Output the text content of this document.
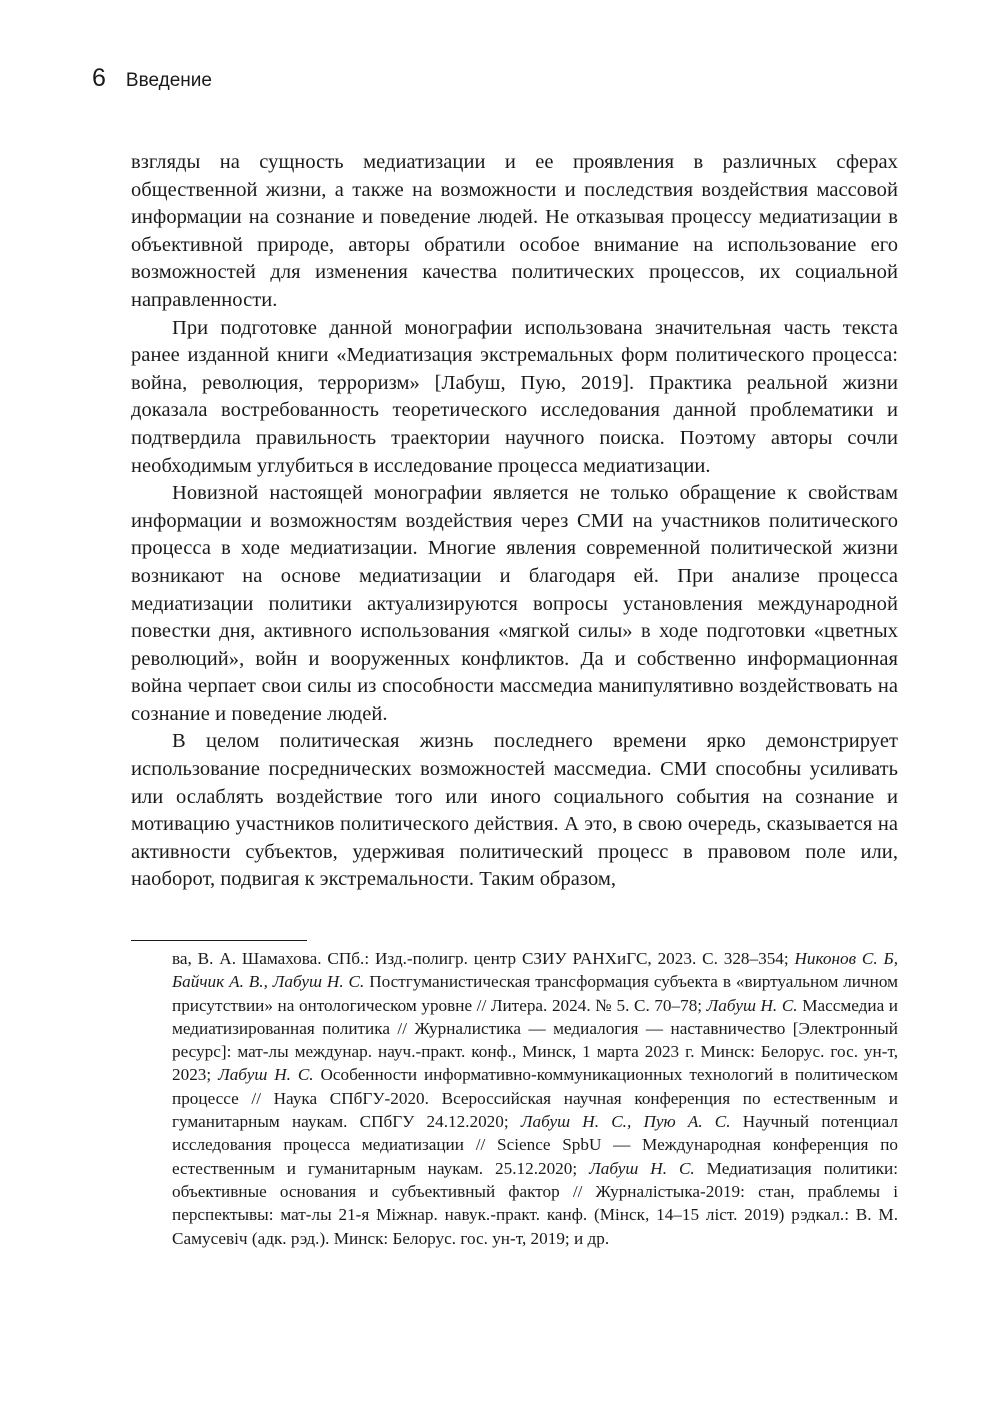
6 Введение

взгляды на сущность медиатизации и ее проявления в различных сферах общественной жизни, а также на возможности и последствия воздействия массовой информации на сознание и поведение людей. Не отказывая процессу медиатизации в объективной природе, авторы обратили особое внимание на использование его возможностей для изменения качества политических процессов, их социальной направленности.

При подготовке данной монографии использована значительная часть текста ранее изданной книги «Медиатизация экстремальных форм политического процесса: война, революция, терроризм» [Лабуш, Пую, 2019]. Практика реальной жизни доказала востребованность теоретического исследования данной проблематики и подтвердила правильность траектории научного поиска. Поэтому авторы сочли необходимым углубиться в исследование процесса медиатизации.

Новизной настоящей монографии является не только обращение к свойствам информации и возможностям воздействия через СМИ на участников политического процесса в ходе медиатизации. Многие явления современной политической жизни возникают на основе медиатизации и благодаря ей. При анализе процесса медиатизации политики актуализируются вопросы установления международной повестки дня, активного использования «мягкой силы» в ходе подготовки «цветных революций», войн и вооруженных конфликтов. Да и собственно информационная война черпает свои силы из способности массмедиа манипулятивно воздействовать на сознание и поведение людей.

В целом политическая жизнь последнего времени ярко демонстрирует использование посреднических возможностей массмедиа. СМИ способны усиливать или ослаблять воздействие того или иного социального события на сознание и мотивацию участников политического действия. А это, в свою очередь, сказывается на активности субъектов, удерживая политический процесс в правовом поле или, наоборот, подвигая к экстремальности. Таким образом,

ва, В. А. Шамахова. СПб.: Изд.-полигр. центр СЗИУ РАНХиГС, 2023. С. 328–354; Никонов С. Б, Байчик А. В., Лабуш Н. С. Постгуманистическая трансформация субъекта в «виртуальном личном присутствии» на онтологическом уровне // Литера. 2024. № 5. С. 70–78; Лабуш Н. С. Массмедиа и медиатизированная политика // Журналистика — медиалогия — наставничество [Электронный ресурс]: мат-лы междунар. науч.-практ. конф., Минск, 1 марта 2023 г. Минск: Белорус. гос. ун-т, 2023; Лабуш Н. С. Особенности информативно-коммуникационных технологий в политическом процессе // Наука СПбГУ-2020. Всероссийская научная конференция по естественным и гуманитарным наукам. СПбГУ 24.12.2020; Лабуш Н. С., Пую А. С. Научный потенциал исследования процесса медиатизации // Science SpbU — Международная конференция по естественным и гуманитарным наукам. 25.12.2020; Лабуш Н. С. Медиатизация политики: объективные основания и субъективный фактор // Журналістыка-2019: стан, праблемы і перспектывы: мат-лы 21-я Міжнар. навук.-практ. канф. (Мінск, 14–15 ліст. 2019) рэдкал.: В. М. Самусевіч (адк. рэд.). Минск: Белорус. гос. ун-т, 2019; и др.
